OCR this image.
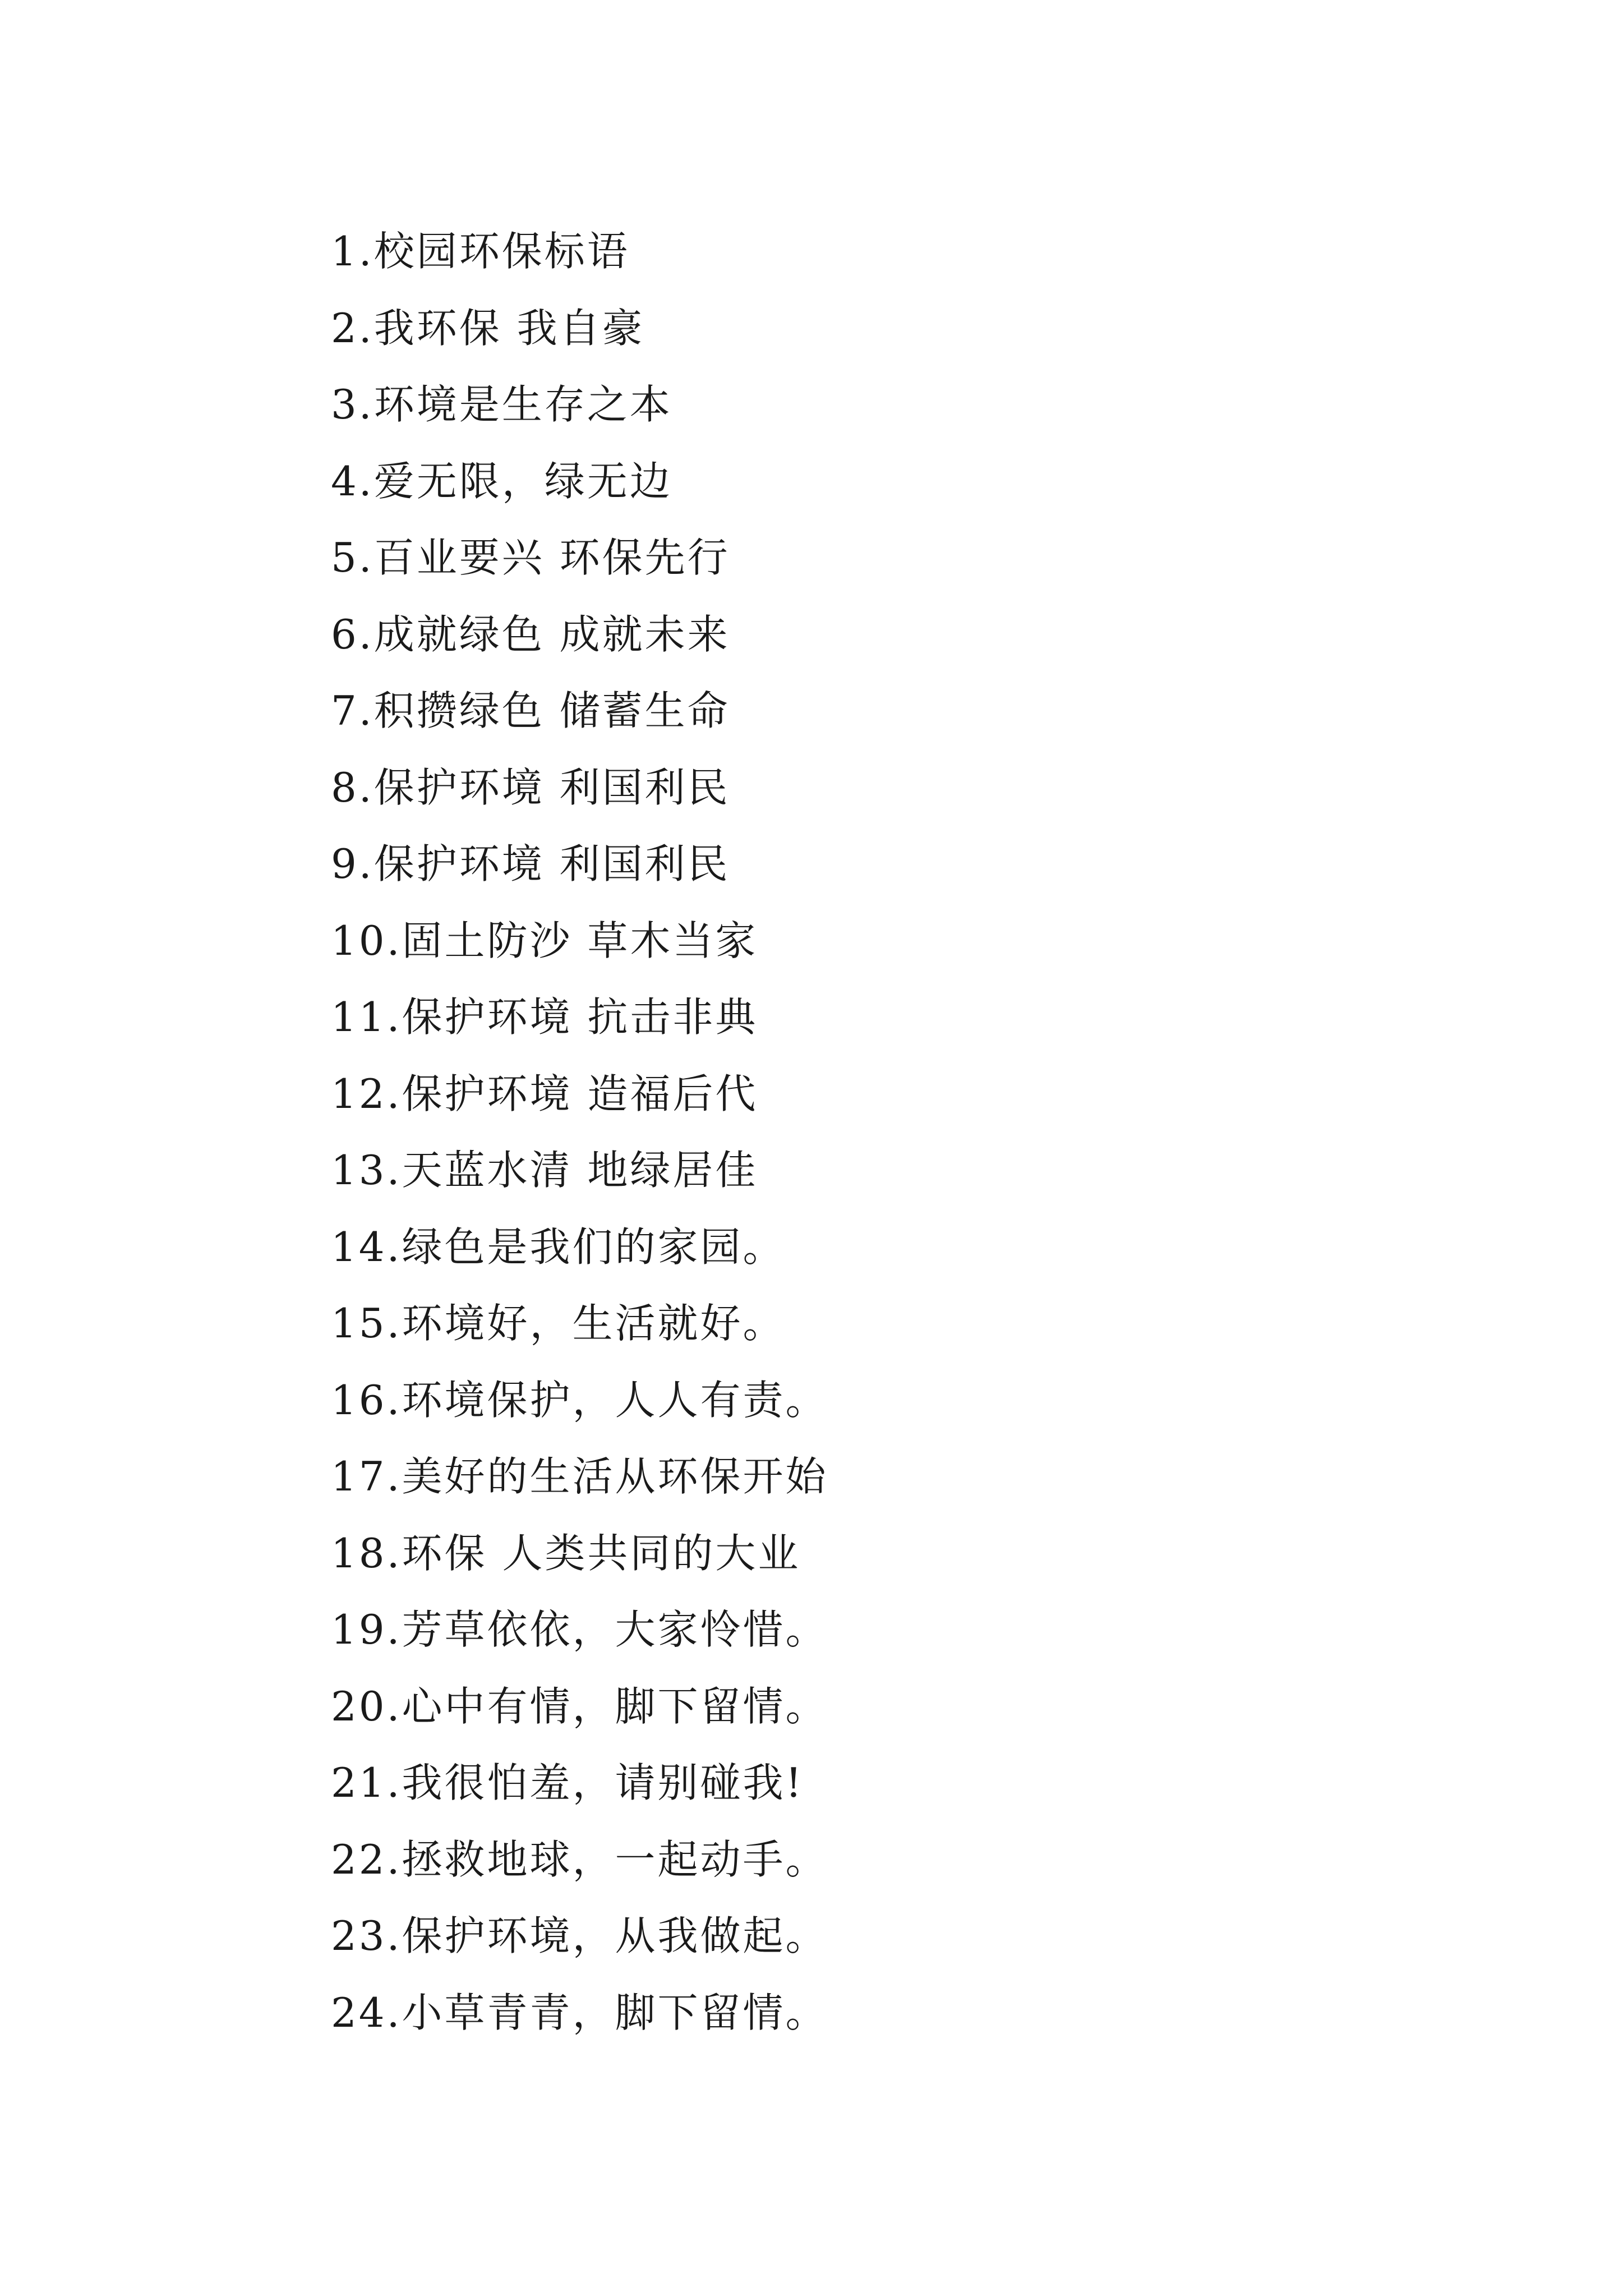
1.校园环保标语
2.我环保 我自豪
3.环境是生存之本
4.爱无限，绿无边
5.百业要兴 环保先行
6.成就绿色 成就未来
7.积攒绿色 储蓄生命
8.保护环境 利国利民
9.保护环境 利国利民
10.固土防沙 草木当家
11.保护环境 抗击非典
12.保护环境 造福后代
13.天蓝水清 地绿居佳
14.绿色是我们的家园。
15.环境好，生活就好。
16.环境保护，人人有责。
17.美好的生活从环保开始
18.环保 人类共同的大业
19.芳草依依，大家怜惜。
20.心中有情，脚下留情。
21.我很怕羞，请别碰我!
22.拯救地球，一起动手。
23.保护环境，从我做起。
24.小草青青，脚下留情。
